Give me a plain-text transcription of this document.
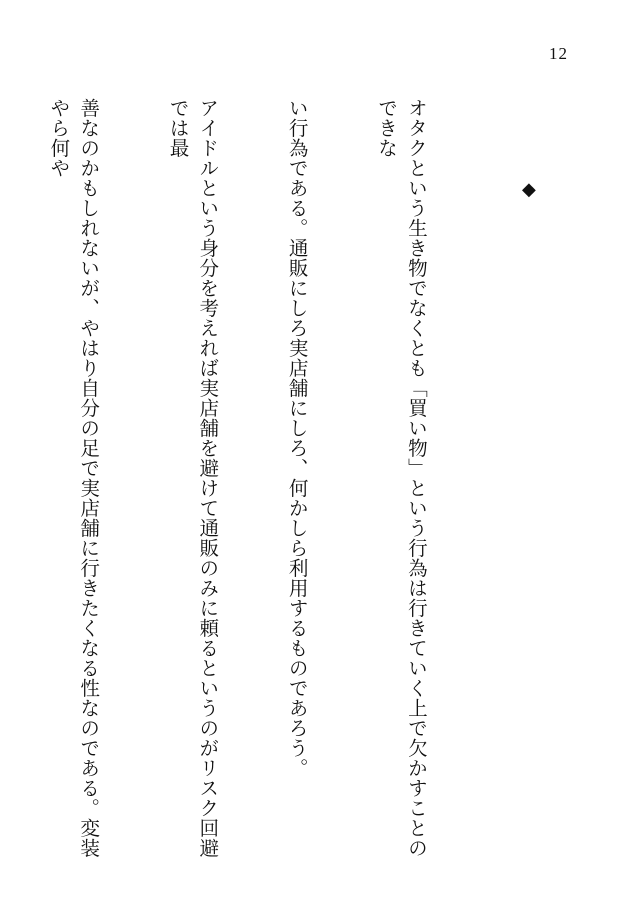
12
◆

オタクという生き物でなくとも「買い物」という行為は行きていく上で欠かすことのできな

い行為である。通販にしろ実店舗にしろ、何かしら利用するものであろう。

アイドルという身分を考えれば実店舗を避けて通販のみに頼るというのがリスク回避では最

善なのかもしれないが、やはり自分の足で実店舗に行きたくなる性なのである。変装やら何や
